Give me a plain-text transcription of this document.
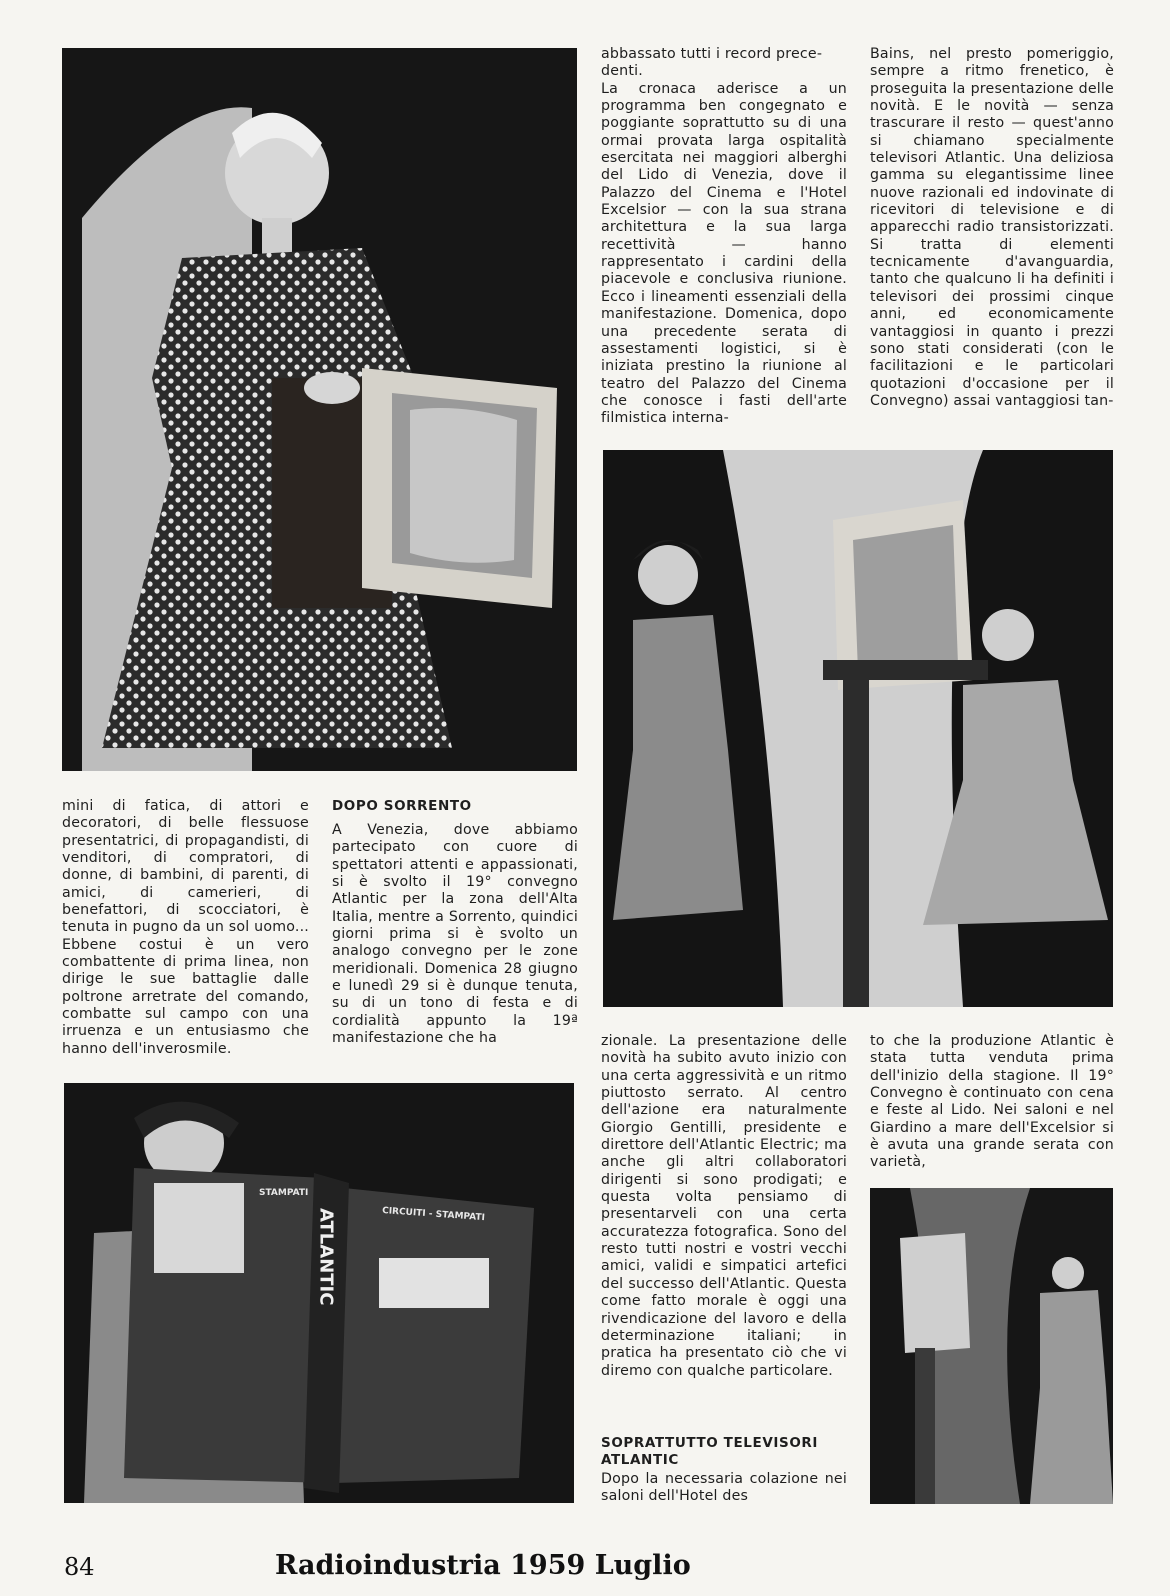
abbassato tutti i record prece-
denti.
La cronaca aderisce a un programma ben congegnato e poggiante soprattutto su di una ormai provata larga ospitalità esercitata nei maggiori alberghi del Lido di Venezia, dove il Palazzo del Cinema e l'Hotel Excelsior — con la sua strana architettura e la sua larga recettività — hanno rappresentato i cardini della piacevole e conclusiva riunione. Ecco i lineamenti essenziali della manifestazione. Domenica, dopo una precedente serata di assestamenti logistici, si è iniziata prestino la riunione al teatro del Palazzo del Cinema che conosce i fasti dell'arte filmistica interna-
Bains, nel presto pomeriggio, sempre a ritmo frenetico, è proseguita la presentazione delle novità. E le novità — senza trascurare il resto — quest'anno si chiamano specialmente televisori Atlantic. Una deliziosa gamma su elegantissime linee nuove razionali ed indovinate di ricevitori di televisione e di apparecchi radio transistorizzati. Si tratta di elementi tecnicamente d'avanguardia, tanto che qualcuno li ha definiti i televisori dei prossimi cinque anni, ed economicamente vantaggiosi in quanto i prezzi sono stati considerati (con le facilitazioni e le particolari quotazioni d'occasione per il Convegno) assai vantaggiosi tan-
mini di fatica, di attori e decoratori, di belle flessuose presentatrici, di propagandisti, di venditori, di compratori, di donne, di bambini, di parenti, di amici, di camerieri, di benefattori, di scocciatori, è tenuta in pugno da un sol uomo... Ebbene costui è un vero combattente di prima linea, non dirige le sue battaglie dalle poltrone arretrate del comando, combatte sul campo con una irruenza e un entusiasmo che hanno dell'inverosmile.
DOPO SORRENTO
A Venezia, dove abbiamo partecipato con cuore di spettatori attenti e appassionati, si è svolto il 19° convegno Atlantic per la zona dell'Alta Italia, mentre a Sorrento, quindici giorni prima si è svolto un analogo convegno per le zone meridionali. Domenica 28 giugno e lunedì 29 si è dunque tenuta, su di un tono di festa e di cordialità appunto la 19ª manifestazione che ha
STAMPATI
CIRCUITI - STAMPATI
ATLANTIC
zionale. La presentazione delle novità ha subito avuto inizio con una certa aggressività e un ritmo piuttosto serrato. Al centro dell'azione era naturalmente Giorgio Gentilli, presidente e direttore dell'Atlantic Electric; ma anche gli altri collaboratori dirigenti si sono prodigati; e questa volta pensiamo di presentarveli con una certa accuratezza fotografica. Sono del resto tutti nostri e vostri vecchi amici, validi e simpatici artefici del successo dell'Atlantic. Questa come fatto morale è oggi una rivendicazione del lavoro e della determinazione italiani; in pratica ha presentato ciò che vi diremo con qualche particolare.
SOPRATTUTTO TELEVISORI
ATLANTIC
Dopo la necessaria colazione nei saloni dell'Hotel des
to che la produzione Atlantic è stata tutta venduta prima dell'inizio della stagione. Il 19° Convegno è continuato con cena e feste al Lido. Nei saloni e nel Giardino a mare dell'Excelsior si è avuta una grande serata con varietà,
84	Radioindustria 1959 Luglio
